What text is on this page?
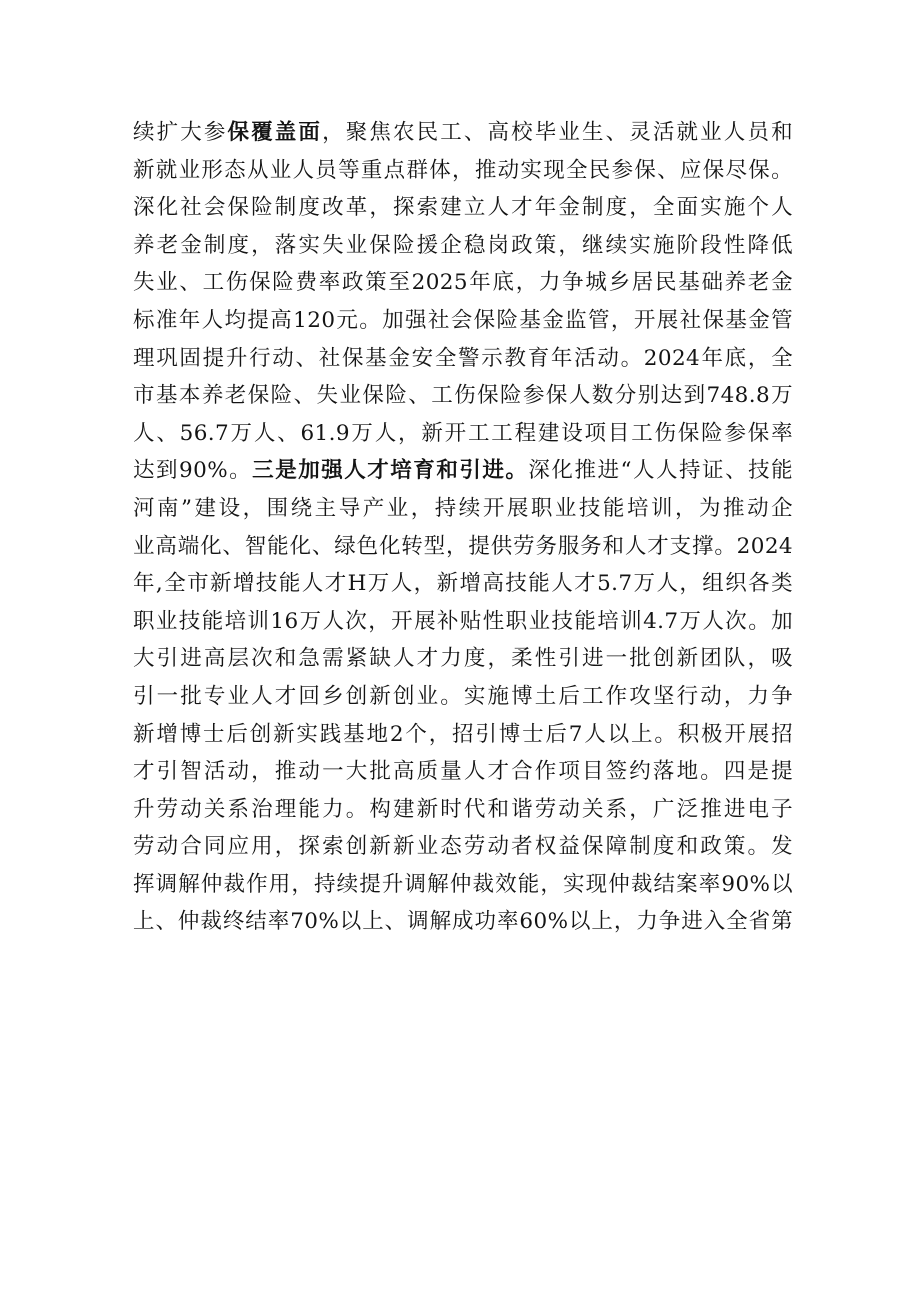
续扩大参保覆盖面，聚焦农民工、高校毕业生、灵活就业人员和
新就业形态从业人员等重点群体，推动实现全民参保、应保尽保。
深化社会保险制度改革，探索建立人才年金制度，全面实施个人
养老金制度，落实失业保险援企稳岗政策，继续实施阶段性降低
失业、工伤保险费率政策至2025年底，力争城乡居民基础养老金
标准年人均提高120元。加强社会保险基金监管，开展社保基金管
理巩固提升行动、社保基金安全警示教育年活动。2024年底，全
市基本养老保险、失业保险、工伤保险参保人数分别达到748.8万
人、56.7万人、61.9万人，新开工工程建设项目工伤保险参保率
达到90%。三是加强人才培育和引进。深化推进“人人持证、技能
河南”建设，围绕主导产业，持续开展职业技能培训，为推动企
业高端化、智能化、绿色化转型，提供劳务服务和人才支撑。2024
年,全市新增技能人才H万人，新增高技能人才5.7万人，组织各类
职业技能培训16万人次，开展补贴性职业技能培训4.7万人次。加
大引进高层次和急需紧缺人才力度，柔性引进一批创新团队，吸
引一批专业人才回乡创新创业。实施博土后工作攻坚行动，力争
新增博士后创新实践基地2个，招引博士后7人以上。积极开展招
才引智活动，推动一大批高质量人才合作项目签约落地。四是提
升劳动关系治理能力。构建新时代和谐劳动关系，广泛推进电子
劳动合同应用，探索创新新业态劳动者权益保障制度和政策。发
挥调解仲裁作用，持续提升调解仲裁效能，实现仲裁结案率90%以
上、仲裁终结率70%以上、调解成功率60%以上，力争进入全省第
